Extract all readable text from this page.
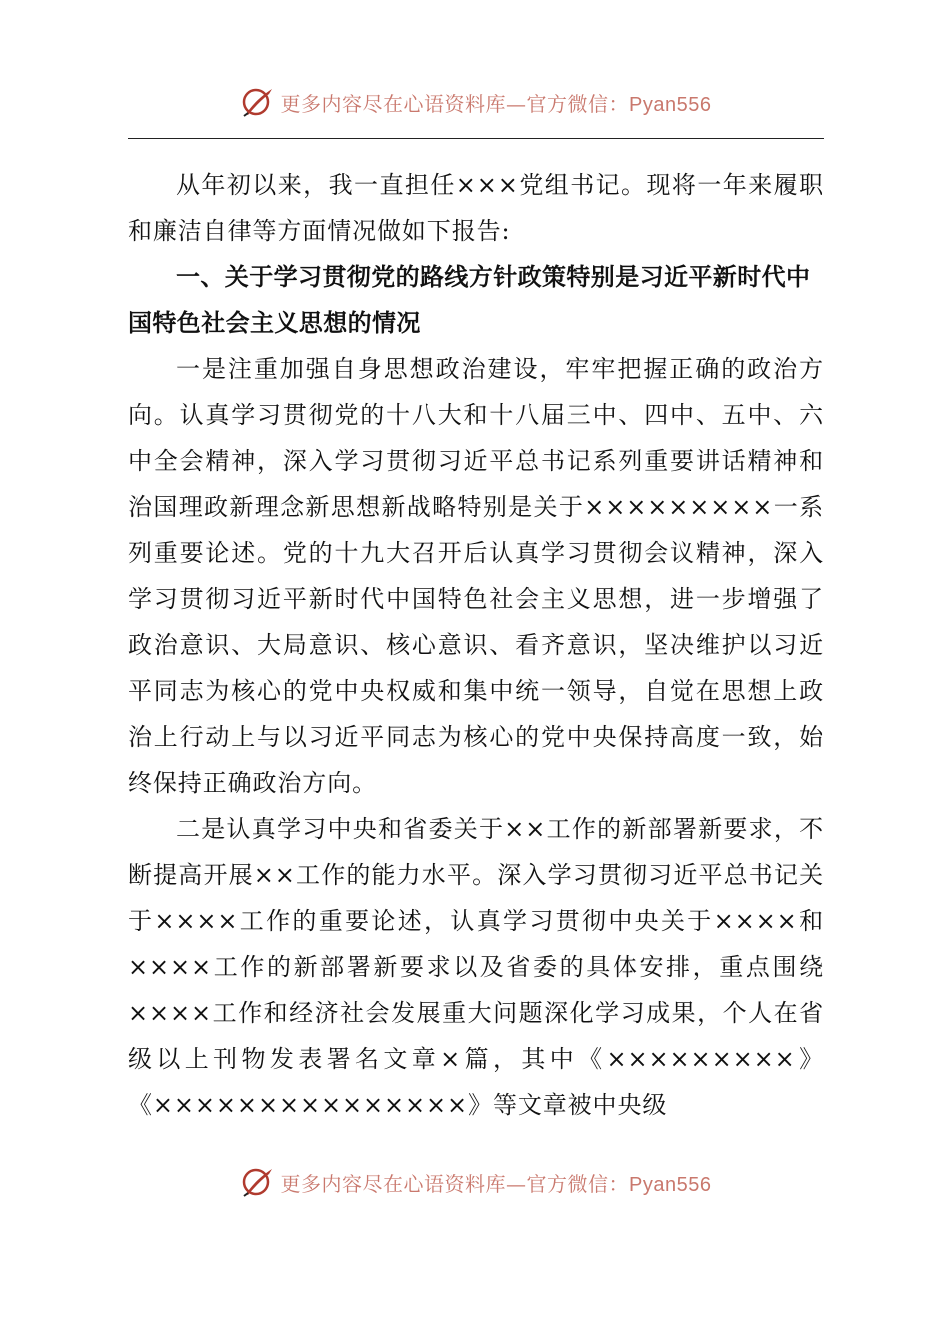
更多内容尽在心语资料库—官方微信：Pyan556

从年初以来，我一直担任×××党组书记。现将一年来履职和廉洁自律等方面情况做如下报告:

一、关于学习贯彻党的路线方针政策特别是习近平新时代中国特色社会主义思想的情况

一是注重加强自身思想政治建设，牢牢把握正确的政治方向。认真学习贯彻党的十八大和十八届三中、四中、五中、六中全会精神，深入学习贯彻习近平总书记系列重要讲话精神和治国理政新理念新思想新战略特别是关于×××××××××一系列重要论述。党的十九大召开后认真学习贯彻会议精神，深入学习贯彻习近平新时代中国特色社会主义思想，进一步增强了政治意识、大局意识、核心意识、看齐意识，坚决维护以习近平同志为核心的党中央权威和集中统一领导，自觉在思想上政治上行动上与以习近平同志为核心的党中央保持高度一致，始终保持正确政治方向。

二是认真学习中央和省委关于××工作的新部署新要求，不断提高开展××工作的能力水平。深入学习贯彻习近平总书记关于××××工作的重要论述，认真学习贯彻中央关于××××和××××工作的新部署新要求以及省委的具体安排，重点围绕××××工作和经济社会发展重大问题深化学习成果，个人在省级以上刊物发表署名文章×篇，其中《×××××××××》《×××××××××××××××》等文章被中央级

更多内容尽在心语资料库—官方微信：Pyan556
